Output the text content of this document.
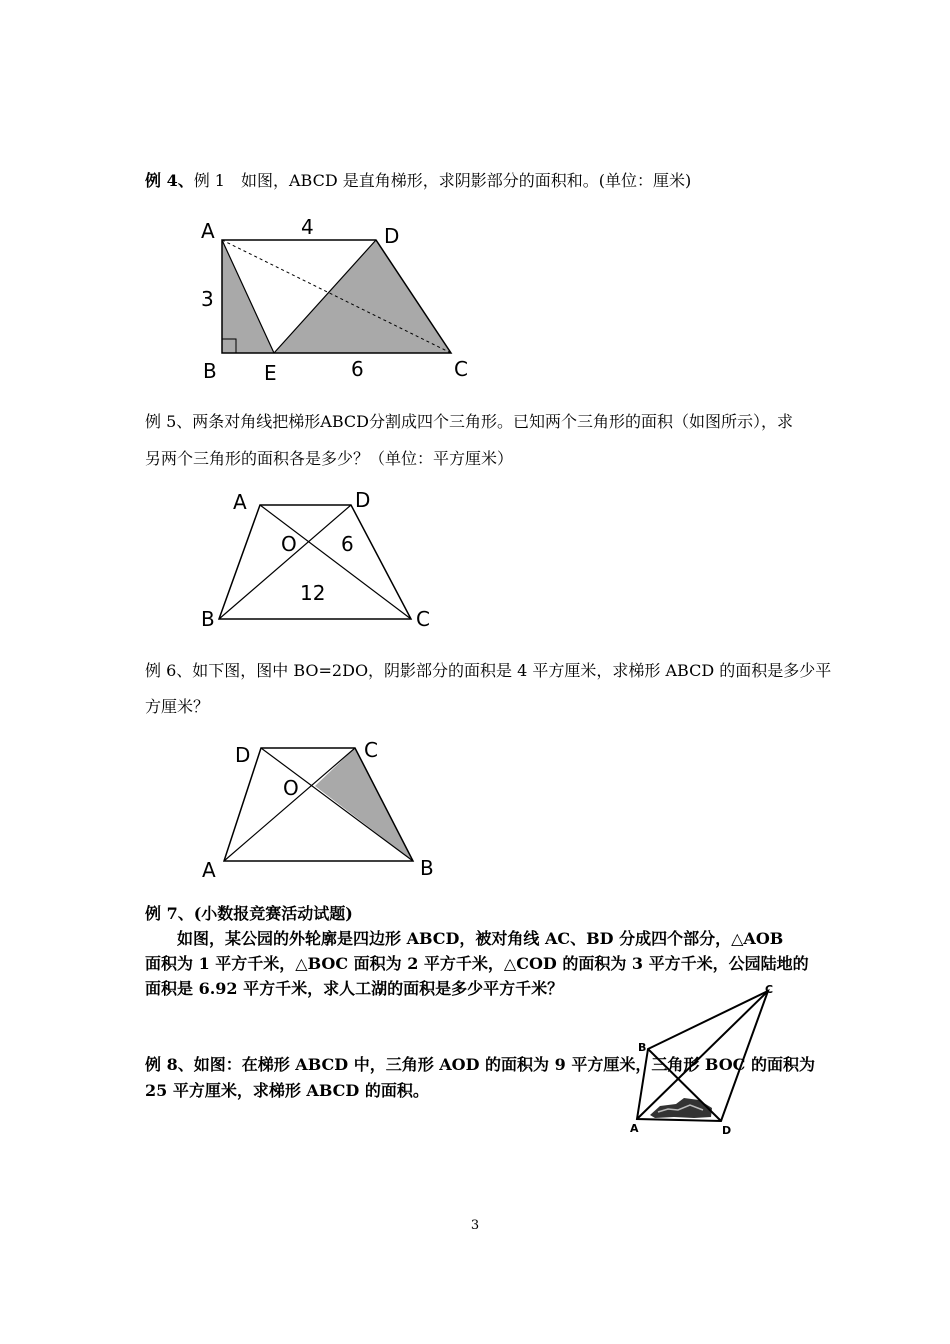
例 4、例 1　如图，ABCD 是直角梯形，求阴影部分的面积和。(单位：厘米)
A
B E	C
D
4
3
6
例 5、两条对角线把梯形ABCD分割成四个三角形。已知两个三角形的面积（如图所示），求
另两个三角形的面积各是多少？（单位：平方厘米）
A	D
B	C
O 6
12
例 6、如下图，图中 BO=2DO，阴影部分的面积是 4 平方厘米，求梯形 ABCD 的面积是多少平
方厘米？
D	C
O
A	B
例 7、(小数报竞赛活动试题)
　　如图，某公园的外轮廓是四边形 ABCD，被对角线 AC、BD 分成四个部分，△AOB
面积为 1 平方千米，△BOC 面积为 2 平方千米，△COD 的面积为 3 平方千米，公园陆地的
面积是 6.92 平方千米，求人工湖的面积是多少平方千米？
例 8、如图：在梯形 ABCD 中，三角形 AOD 的面积为 9 平方厘米，三角形 BOC 的面积为
25 平方厘米，求梯形 ABCD 的面积。
C
B
A	D
3
